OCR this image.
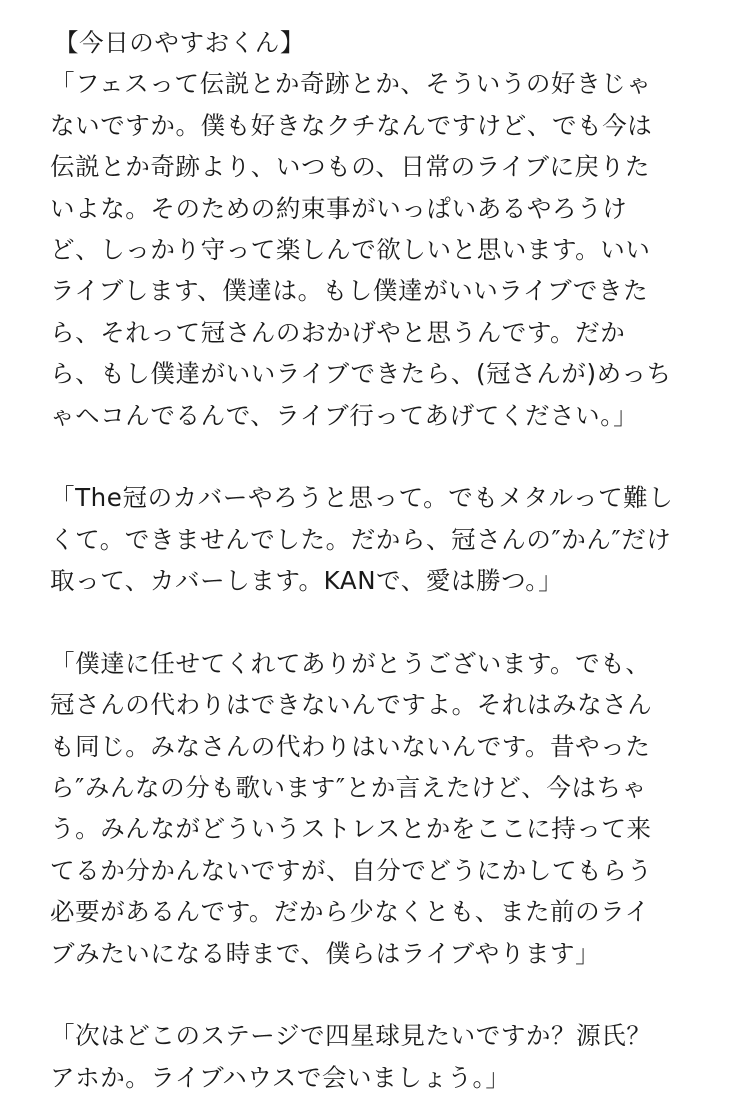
【今日のやすおくん】
「フェスって伝説とか奇跡とか、そういうの好きじゃ
ないですか。僕も好きなクチなんですけど、でも今は
伝説とか奇跡より、いつもの、日常のライブに戻りた
いよな。そのための約束事がいっぱいあるやろうけ
ど、しっかり守って楽しんで欲しいと思います。いい
ライブします、僕達は。もし僕達がいいライブできた
ら、それって冠さんのおかげやと思うんです。だか
ら、もし僕達がいいライブできたら、(冠さんが)めっち
ゃヘコんでるんで、ライブ行ってあげてください。」
「The冠のカバーやろうと思って。でもメタルって難し
くて。できませんでした。だから、冠さんの″かん″だけ
取って、カバーします。KANで、愛は勝つ。」
「僕達に任せてくれてありがとうございます。でも、
冠さんの代わりはできないんですよ。それはみなさん
も同じ。みなさんの代わりはいないんです。昔やった
ら″みんなの分も歌います″とか言えたけど、今はちゃ
う。みんながどういうストレスとかをここに持って来
てるか分かんないですが、自分でどうにかしてもらう
必要があるんです。だから少なくとも、また前のライ
ブみたいになる時まで、僕らはライブやります」
「次はどこのステージで四星球見たいですか？源氏？
アホか。ライブハウスで会いましょう。」
